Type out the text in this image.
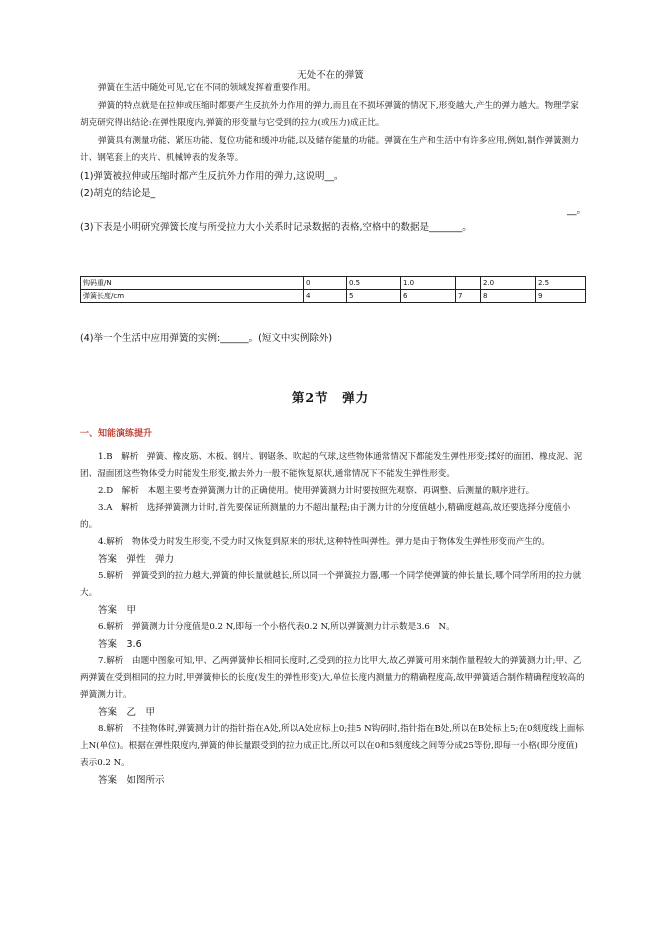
无处不在的弹簧

弹簧在生活中随处可见,它在不同的领域发挥着重要作用。

弹簧的特点就是在拉伸或压缩时都要产生反抗外力作用的弹力,而且在不损坏弹簧的情况下,形变越大,产生的弹力越大。物理学家胡克研究得出结论:在弹性限度内,弹簧的形变量与它受到的拉力(或压力)成正比。

弹簧具有测量功能、紧压功能、复位功能和缓冲功能,以及储存能量的功能。弹簧在生产和生活中有许多应用,例如,制作弹簧测力计、钢笔套上的夹片、机械钟表的发条等。

(1)弹簧被拉伸或压缩时都产生反抗外力作用的弹力,这说明__。

(2)胡克的结论是_

__。

(3)下表是小明研究弹簧长度与所受拉力大小关系时记录数据的表格,空格中的数据是_______。

钩码重/N	0	0.5	1.0		2.0	2.5
弹簧长度/cm	4	5	6	7	8	9

(4)举一个生活中应用弹簧的实例:______。(短文中实例除外)

第2节　弹力
一、知能演练提升

1.B　解析　弹簧、橡皮筋、木板、钢片、钢锯条、吹起的气球,这些物体通常情况下都能发生弹性形变;揉好的面团、橡皮泥、泥团、湿面团这些物体受力时能发生形变,撤去外力一般不能恢复原状,通常情况下不能发生弹性形变。

2.D　解析　本题主要考查弹簧测力计的正确使用。使用弹簧测力计时要按照先观察、再调整、后测量的顺序进行。

3.A　解析　选择弹簧测力计时,首先要保证所测量的力不超出量程;由于测力计的分度值越小,精确度越高,故还要选择分度值小的。

4.解析　物体受力时发生形变,不受力时又恢复到原来的形状,这种特性叫弹性。弹力是由于物体发生弹性形变而产生的。

答案　弹性　弹力

5.解析　弹簧受到的拉力越大,弹簧的伸长量就越长,所以同一个弹簧拉力器,哪一个同学使弹簧的伸长量长,哪个同学所用的拉力就大。

答案　甲

6.解析　弹簧测力计分度值是0.2 N,即每一个小格代表0.2 N,所以弹簧测力计示数是3.6　N。

答案　3.6

7.解析　由题中图象可知,甲、乙两弹簧伸长相同长度时,乙受到的拉力比甲大,故乙弹簧可用来制作量程较大的弹簧测力计;甲、乙两弹簧在受到相同的拉力时,甲弹簧伸长的长度(发生的弹性形变)大,单位长度内测量力的精确程度高,故甲弹簧适合制作精确程度较高的弹簧测力计。

答案　乙　甲

8.解析　不挂物体时,弹簧测力计的指针指在A处,所以A处应标上0;挂5 N钩码时,指针指在B处,所以在B处标上5;在0刻度线上面标上N(单位)。根据在弹性限度内,弹簧的伸长量跟受到的拉力成正比,所以可以在0和5刻度线之间等分成25等份,即每一小格(即分度值)表示0.2 N。

答案　如图所示
